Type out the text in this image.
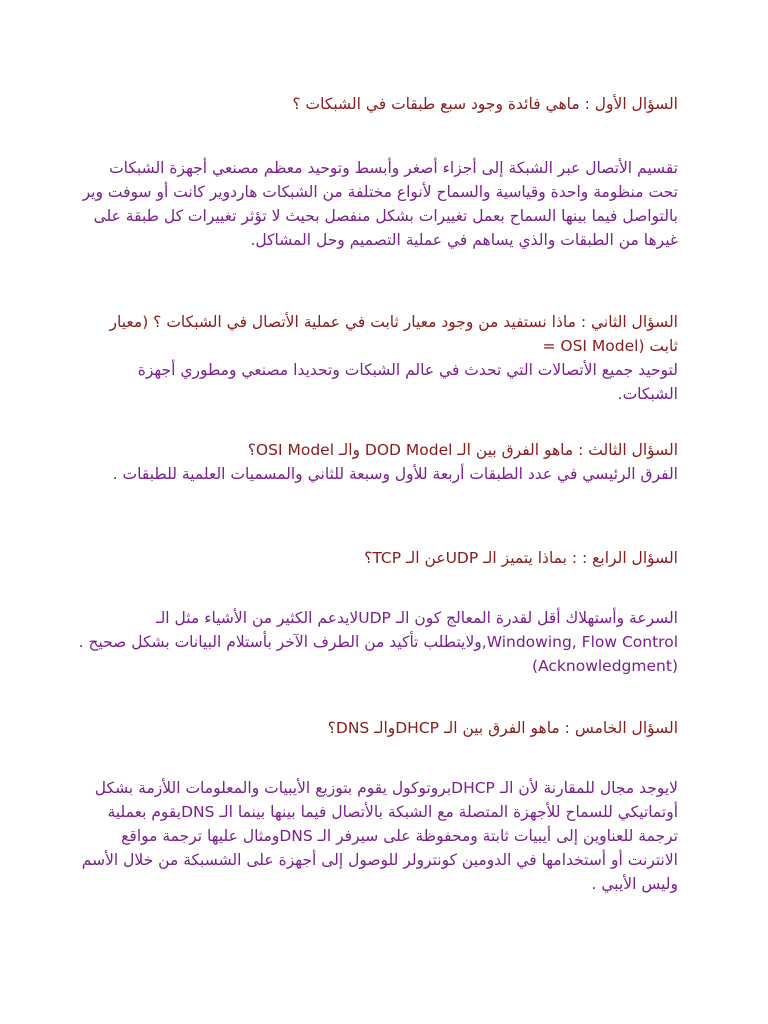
السؤال الأول : ماهي فائدة وجود سبع طبقات في الشبكات ؟

تقسيم الأتصال عبر الشبكة إلى أجزاء أصغر وأبسط وتوحيد معظم مصنعي أجهزة الشبكات تحت منظومة واحدة وقياسية والسماح لأنواع مختلفة من الشبكات هاردوير كانت أو سوفت وير بالتواصل فيما بينها السماح بعمل تغييرات بشكل منفصل بحيث لا تؤثر تغييرات كل طبقة على غيرها من الطبقات والذي يساهم في عملية التصميم وحل المشاكل.

السؤال الثاني : ماذا نستفيد من وجود معيار ثابت في عملية الأتصال في الشبكات ؟ (معيار ثابت (OSI Model =

لتوحيد جميع الأتصالات التي تحدث في عالم الشبكات وتحديدا مصنعي ومطوري أجهزة الشبكات.

السؤال الثالث : ماهو الفرق بين الـ DOD Model والـ OSI Model؟

الفرق الرئيسي في عدد الطبقات أربعة للأول وسبعة للثاني والمسميات العلمية للطبقات .

السؤال الرابع : : بماذا يتميز الـ UDPعن الـ TCP؟

السرعة وأستهلاك أقل لقدرة المعالج كون الـ UDPلايدعم الكثير من الأشياء مثل الـ Windowing, Flow Control,ولايتطلب تأكيد من الطرف الآخر بأستلام البيانات بشكل صحيح .(Acknowledgment)

السؤال الخامس : ماهو الفرق بين الـ DHCPوالـ DNS؟

لايوجد مجال للمقارنة لأن الـ DHCPبروتوكول يقوم بتوزيع الأيبيات والمعلومات اللأزمة بشكل أوتماتيكي للسماح للأجهزة المتصلة مع الشبكة بالأتصال فيما بينها بينما الـ DNSيقوم بعملية ترجمة للعناوين إلى أيبيات ثابتة ومحفوظة على سيرفر الـ DNSومثال عليها ترجمة مواقع الانترنت أو أستخدامها في الدومين كونترولر للوصول إلى أجهزة على الشسبكة من خلال الأسم وليس الأيبي .
